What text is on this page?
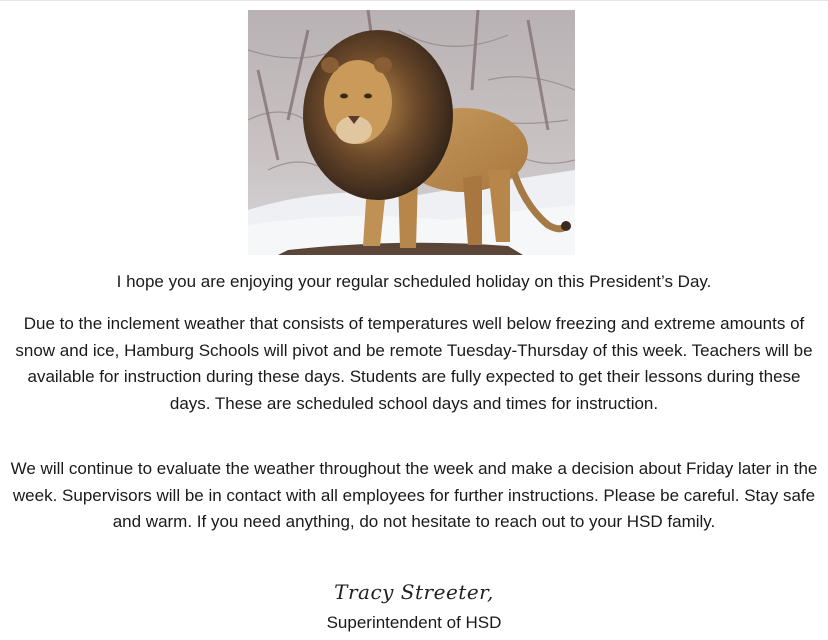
I hope you are enjoying your regular scheduled holiday on this President’s Day.

Due to the inclement weather that consists of temperatures well below freezing and extreme amounts of snow and ice, Hamburg Schools will pivot and be remote Tuesday-Thursday of this week. Teachers will be available for instruction during these days. Students are fully expected to get their lessons during these days. These are scheduled school days and times for instruction.

We will continue to evaluate the weather throughout the week and make a decision about Friday later in the week. Supervisors will be in contact with all employees for further instructions. Please be careful. Stay safe and warm. If you need anything, do not hesitate to reach out to your HSD family.

Tracy Streeter,
Superintendent of HSD
